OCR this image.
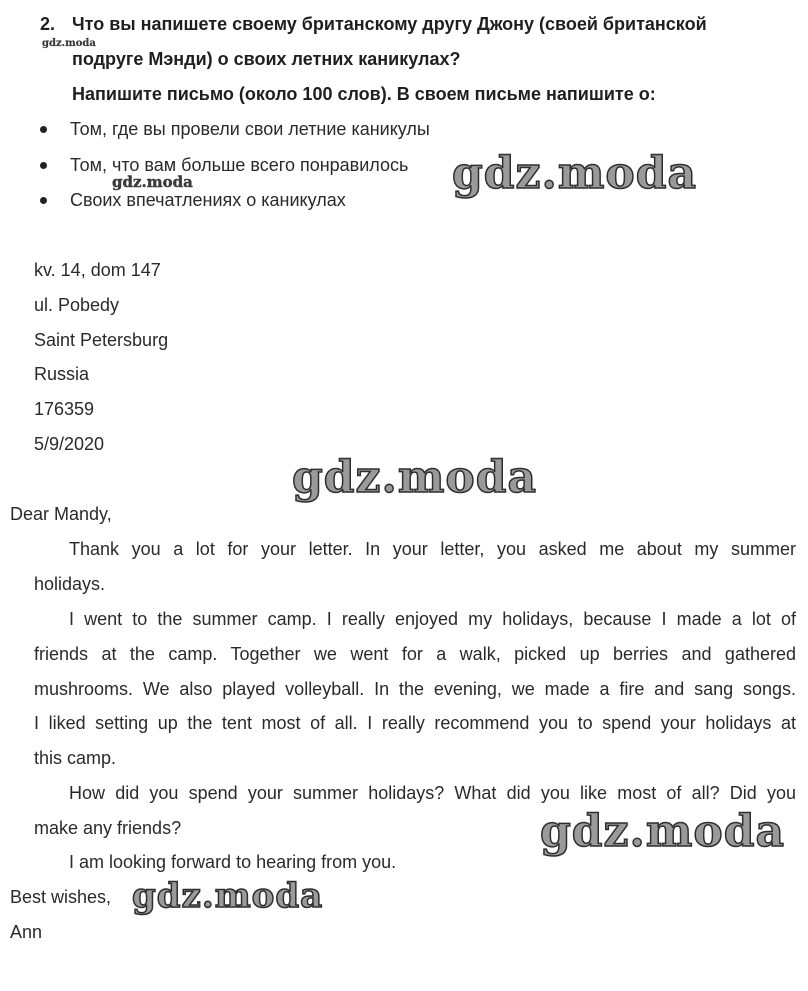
2. Что вы напишете своему британскому другу Джону (своей британской
подруге Мэнди) о своих летних каникулах?
Напишите письмо (около 100 слов). В своем письме напишите о:
Том, где вы провели свои летние каникулы
Том, что вам больше всего понравилось
Своих впечатлениях о каникулах
kv. 14, dom 147
ul. Pobedy
Saint Petersburg
Russia
176359
5/9/2020
Dear Mandy,
Thank you a lot for your letter. In your letter, you asked me about my summer
holidays.
I went to the summer camp. I really enjoyed my holidays, because I made a lot of
friends at the camp. Together we went for a walk, picked up berries and gathered
mushrooms. We also played volleyball. In the evening, we made a fire and sang songs.
I liked setting up the tent most of all. I really recommend you to spend your holidays at
this camp.
How did you spend your summer holidays? What did you like most of all? Did you
make any friends?
I am looking forward to hearing from you.
Best wishes,
Ann
gdz.moda
gdz.moda	gdz.moda
gdz.moda
gdz.moda
gdz.moda
